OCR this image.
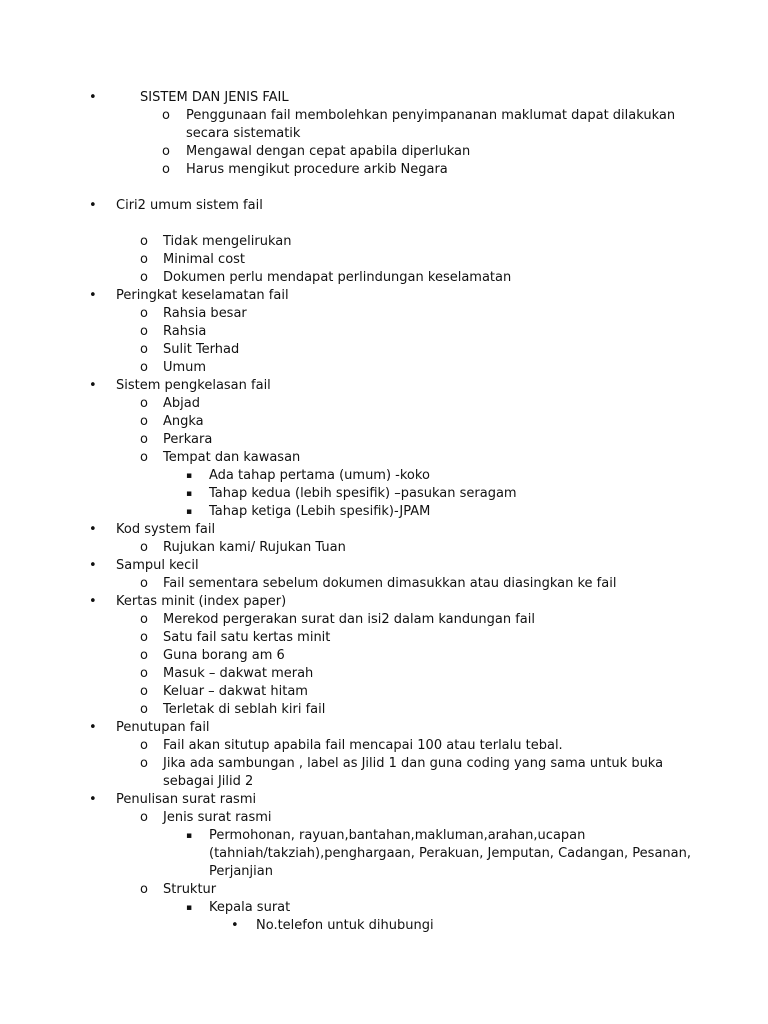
•	SISTEM DAN JENIS FAIL
o Penggunaan fail membolehkan penyimpananan maklumat dapat dilakukan
secara sistematik
o Mengawal dengan cepat apabila diperlukan
o Harus mengikut procedure arkib Negara
• Ciri2 umum sistem fail
o Tidak mengelirukan
o Minimal cost
o Dokumen perlu mendapat perlindungan keselamatan
• Peringkat keselamatan fail
o Rahsia besar
o Rahsia
o Sulit Terhad
o Umum
• Sistem pengkelasan fail
o Abjad
o Angka
o Perkara
o Tempat dan kawasan
▪ Ada tahap pertama (umum) -koko
▪ Tahap kedua (lebih spesifik) –pasukan seragam
▪ Tahap ketiga (Lebih spesifik)-JPAM
• Kod system fail
o Rujukan kami/ Rujukan Tuan
• Sampul kecil
o Fail sementara sebelum dokumen dimasukkan atau diasingkan ke fail
• Kertas minit (index paper)
o Merekod pergerakan surat dan isi2 dalam kandungan fail
o Satu fail satu kertas minit
o Guna borang am 6
o Masuk – dakwat merah
o Keluar – dakwat hitam
o Terletak di seblah kiri fail
• Penutupan fail
o Fail akan situtup apabila fail mencapai 100 atau terlalu tebal.
o Jika ada sambungan , label as Jilid 1 dan guna coding yang sama untuk buka
sebagai Jilid 2
• Penulisan surat rasmi
o Jenis surat rasmi
▪ Permohonan, rayuan,bantahan,makluman,arahan,ucapan
(tahniah/takziah),penghargaan, Perakuan, Jemputan, Cadangan, Pesanan,
Perjanjian
o Struktur
▪ Kepala surat
• No.telefon untuk dihubungi
